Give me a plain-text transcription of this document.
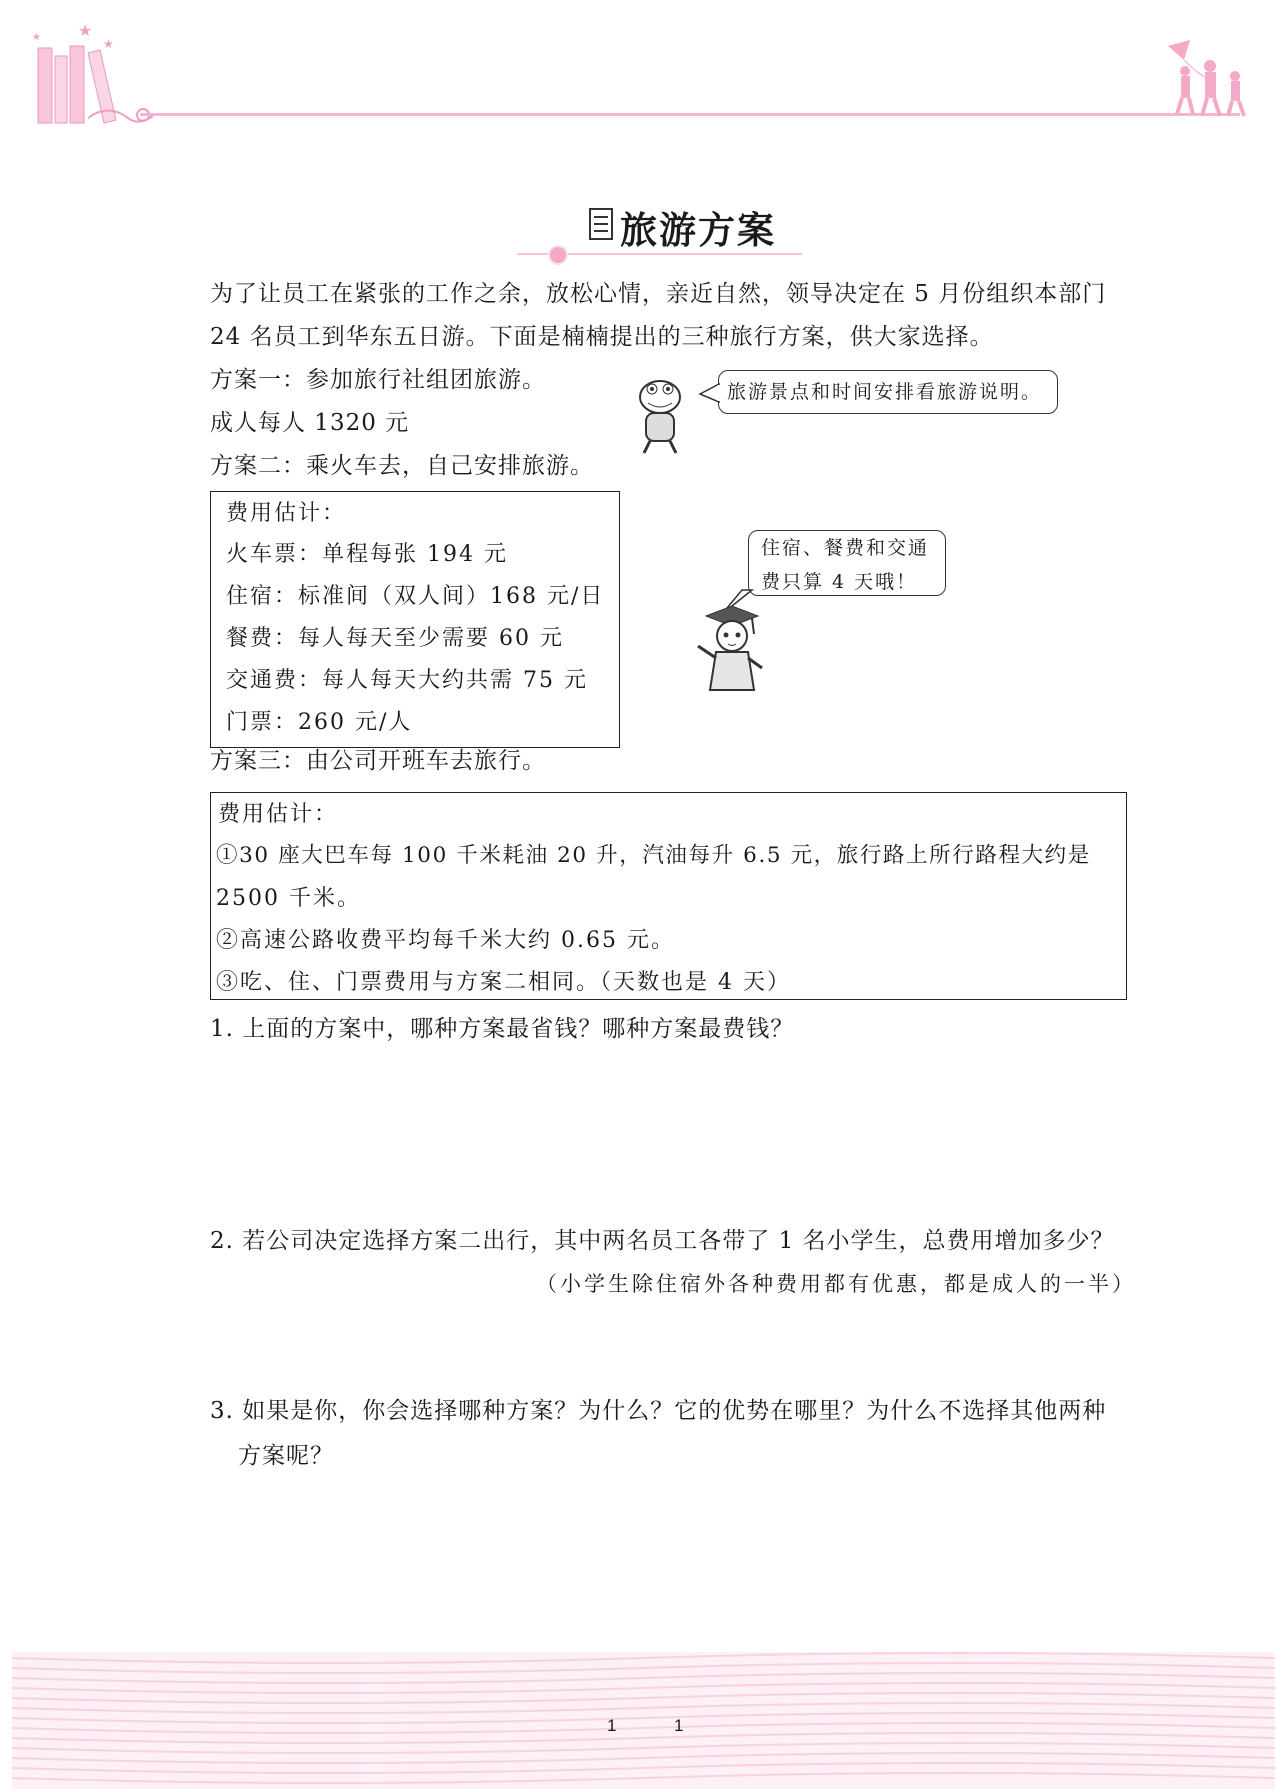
★
★
★
旅游方案
为了让员工在紧张的工作之余，放松心情，亲近自然，领导决定在 5 月份组织本部门
24 名员工到华东五日游。下面是楠楠提出的三种旅行方案，供大家选择。
方案一：参加旅行社组团旅游。
成人每人 1320 元
旅游景点和时间安排看旅游说明。
方案二：乘火车去，自己安排旅游。
费用估计：
火车票：单程每张 194 元
住宿：标准间（双人间）168 元/日
餐费：每人每天至少需要 60 元
交通费：每人每天大约共需 75 元
门票：260 元/人
住宿、餐费和交通
费只算 4 天哦！
方案三：由公司开班车去旅行。
费用估计：
①30 座大巴车每 100 千米耗油 20 升，汽油每升 6.5 元，旅行路上所行路程大约是
2500 千米。
②高速公路收费平均每千米大约 0.65 元。
③吃、住、门票费用与方案二相同。（天数也是 4 天）
1. 上面的方案中，哪种方案最省钱？哪种方案最费钱？
2. 若公司决定选择方案二出行，其中两名员工各带了 1 名小学生，总费用增加多少？
（小学生除住宿外各种费用都有优惠，都是成人的一半）
3. 如果是你，你会选择哪种方案？为什么？它的优势在哪里？为什么不选择其他两种
方案呢？
1	1
